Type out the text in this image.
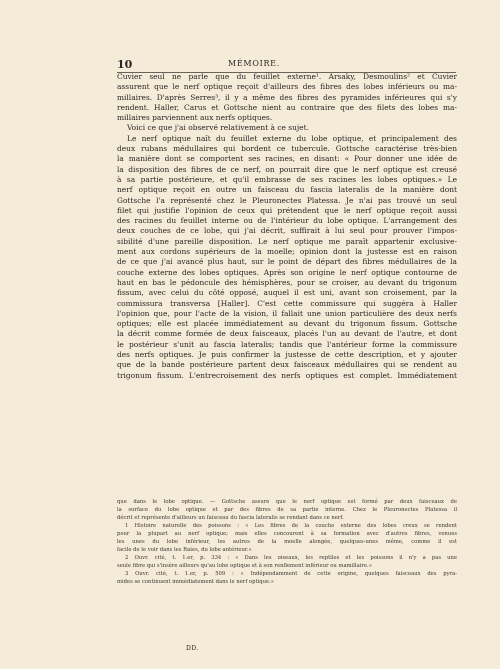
10	MÉMOIRE.
Cuvier seul ne parle que du feuillet externe¹. Arsaky, Desmoulins² et Cuvier
assurent que le nerf optique reçoit d'ailleurs des fibres des lobes inférieurs ou ma-
millaires. D'après Serres³, il y a même des fibres des pyramides inférieures qui s'y
rendent. Haller, Carus et Gottsche nient au contraire que des filets des lobes ma-
millaires parviennent aux nerfs optiques.
Voici ce que j'ai observé relativement à ce sujet.
Le nerf optique naît du feuillet externe du lobe optique, et principalement des
deux rubans médullaires qui bordent ce tubercule. Gottsche caractérise très-bien
la manière dont se comportent ses racines, en disant: « Pour donner une idée de
la disposition des fibres de ce nerf, on pourrait dire que le nerf optique est creusé
à sa partie postérieure, et qu'il embrasse de ses racines les lobes optiques.» Le
nerf optique reçoit en outre un faisceau du fascia lateralis de la manière dont
Gottsche l'a représenté chez le Pleuronectes Platessa. Je n'ai pas trouvé un seul
filet qui justifie l'opinion de ceux qui prétendent que le nerf optique reçoit aussi
des racines du feuillet interne ou de l'intérieur du lobe optique. L'arrangement des
deux couches de ce lobe, qui j'ai décrit, suffirait à lui seul pour prouver l'impos-
sibilité d'une pareille disposition. Le nerf optique me paraît appartenir exclusive-
ment aux cordons supérieurs de la moelle; opinion dont la justesse est en raison
de ce que j'ai avancé plus haut, sur le point de départ des fibres médullaires de la
couche externe des lobes optiques. Après son origine le nerf optique contourne de
haut en bas le pédoncule des hémisphères, pour se croiser, au devant du trigonum
fissum, avec celui du côté opposé, auquel il est uni, avant son croisement, par la
commissura transversa [Haller]. C'est cette commissure qui suggéra à Haller
l'opinion que, pour l'acte de la vision, il fallait une union particulière des deux nerfs
optiques; elle est placée immédiatement au devant du trigonum fissum. Gottsche
la décrit comme formée de deux faisceaux, placés l'un au devant de l'autre, et dont
le postérieur s'unit au fascia lateralis; tandis que l'antérieur forme la commissure
des nerfs optiques. Je puis confirmer la justesse de cette description, et y ajouter
que de la bande postérieure partent deux faisceaux médullaires qui se rendent au
trigonum fissum. L'entrecroisement des nerfs optiques est complet. Immédiatement
que dans le lobe optique. — Gottsche assure que le nerf optique est formé par deux faisceaux de
la surface du lobe optique et par des fibres de sa partie interne. Chez le Pleuronectes Platessa il
décrit et représente d'ailleurs un faisceau du fascia lateralis se rendant dans ce nerf.
1 Histoire naturelle des poissons : « Les fibres de la couche externe des lobes creux se rendent
pour la plupart au nerf optique; mais elles concourent à sa formation avec d'autres fibres, venues
les unes du lobe inférieur, les autres de la moelle alongée, quelques-unes même, comme il est
facile de le voir dans les Raies, du lobe antérieur.»
2 Ouvr. cité, t. 1.er, p. 334 : « Dans les oiseaux, les reptiles et les poissons il n'y a pas une
seule fibre qui s'insère ailleurs qu'au lobe optique et à son renflement inférieur ou mamillaire.»
3 Ouvr. cité, t. 1.er, p. 509 : « Indépendamment de cette origine, quelques faisceaux des pyra-
mides se continuent immédiatement dans le nerf optique.»
DD.
